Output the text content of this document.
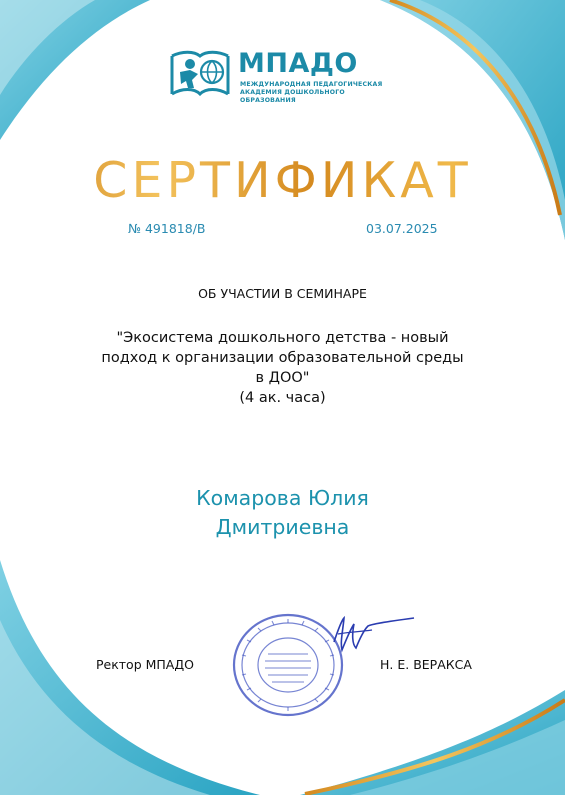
МПАДО
МЕЖДУНАРОДНАЯ ПЕДАГОГИЧЕСКАЯ
АКАДЕМИЯ ДОШКОЛЬНОГО ОБРАЗОВАНИЯ
СЕРТИФИКАТ
№ 491818/В	03.07.2025
ОБ УЧАСТИИ В СЕМИНАРЕ
"Экосистема дошкольного детства - новый подход к организации образовательной среды в ДОО"
(4 ак. часа)
Комарова Юлия
Дмитриевна
Ректор МПАДО	Н. Е. ВЕРАКСА
